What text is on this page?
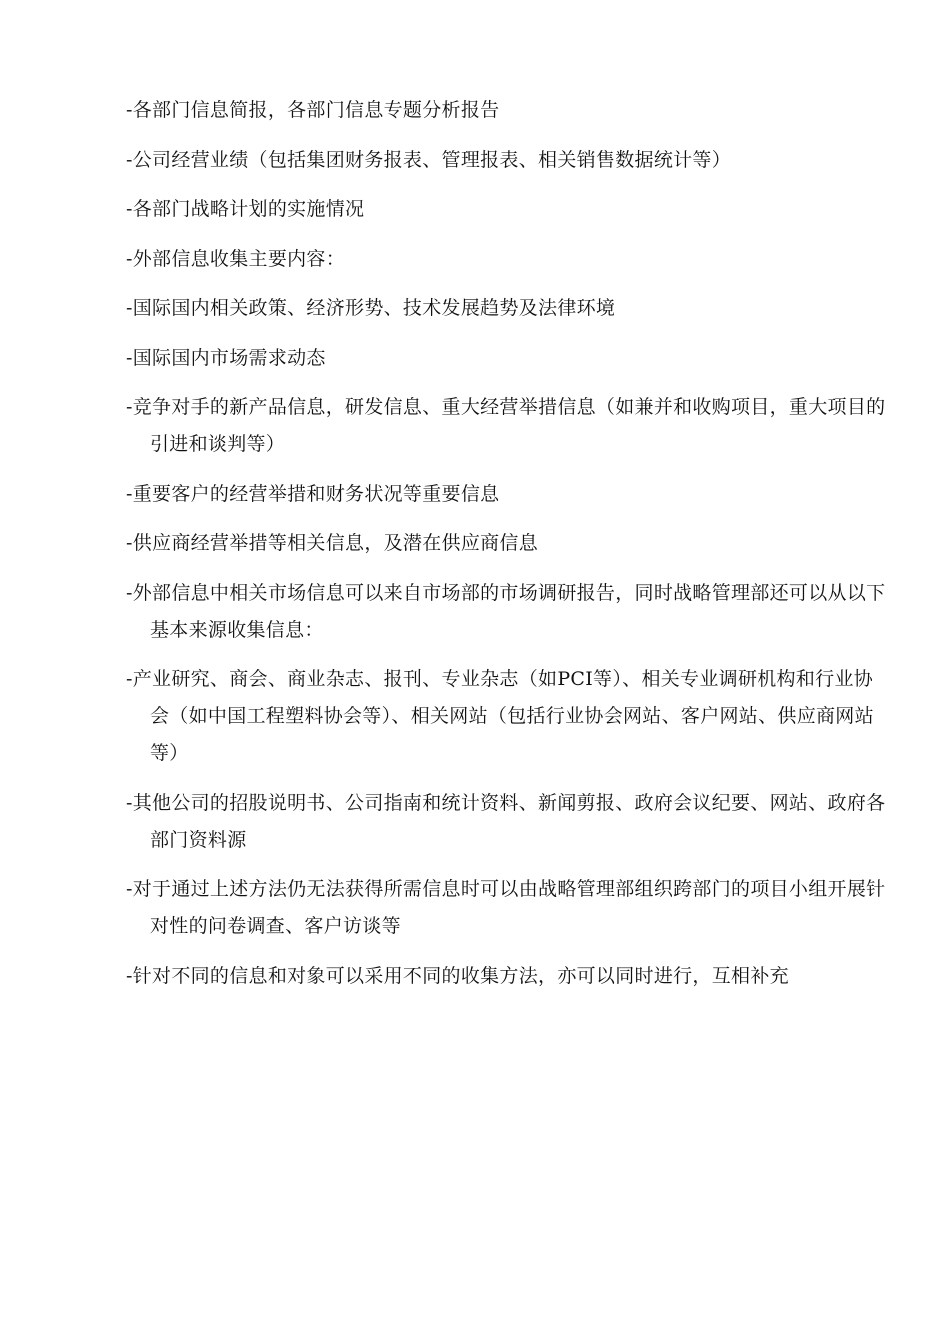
-各部门信息简报，各部门信息专题分析报告

-公司经营业绩（包括集团财务报表、管理报表、相关销售数据统计等）

-各部门战略计划的实施情况

-外部信息收集主要内容：

-国际国内相关政策、经济形势、技术发展趋势及法律环境

-国际国内市场需求动态

-竞争对手的新产品信息，研发信息、重大经营举措信息（如兼并和收购项目，重大项目的引进和谈判等）

-重要客户的经营举措和财务状况等重要信息

-供应商经营举措等相关信息，及潜在供应商信息

-外部信息中相关市场信息可以来自市场部的市场调研报告，同时战略管理部还可以从以下基本来源收集信息：

-产业研究、商会、商业杂志、报刊、专业杂志（如PCI等）、相关专业调研机构和行业协会（如中国工程塑料协会等）、相关网站（包括行业协会网站、客户网站、供应商网站等）

-其他公司的招股说明书、公司指南和统计资料、新闻剪报、政府会议纪要、网站、政府各部门资料源

-对于通过上述方法仍无法获得所需信息时可以由战略管理部组织跨部门的项目小组开展针对性的问卷调查、客户访谈等

-针对不同的信息和对象可以采用不同的收集方法，亦可以同时进行，互相补充
